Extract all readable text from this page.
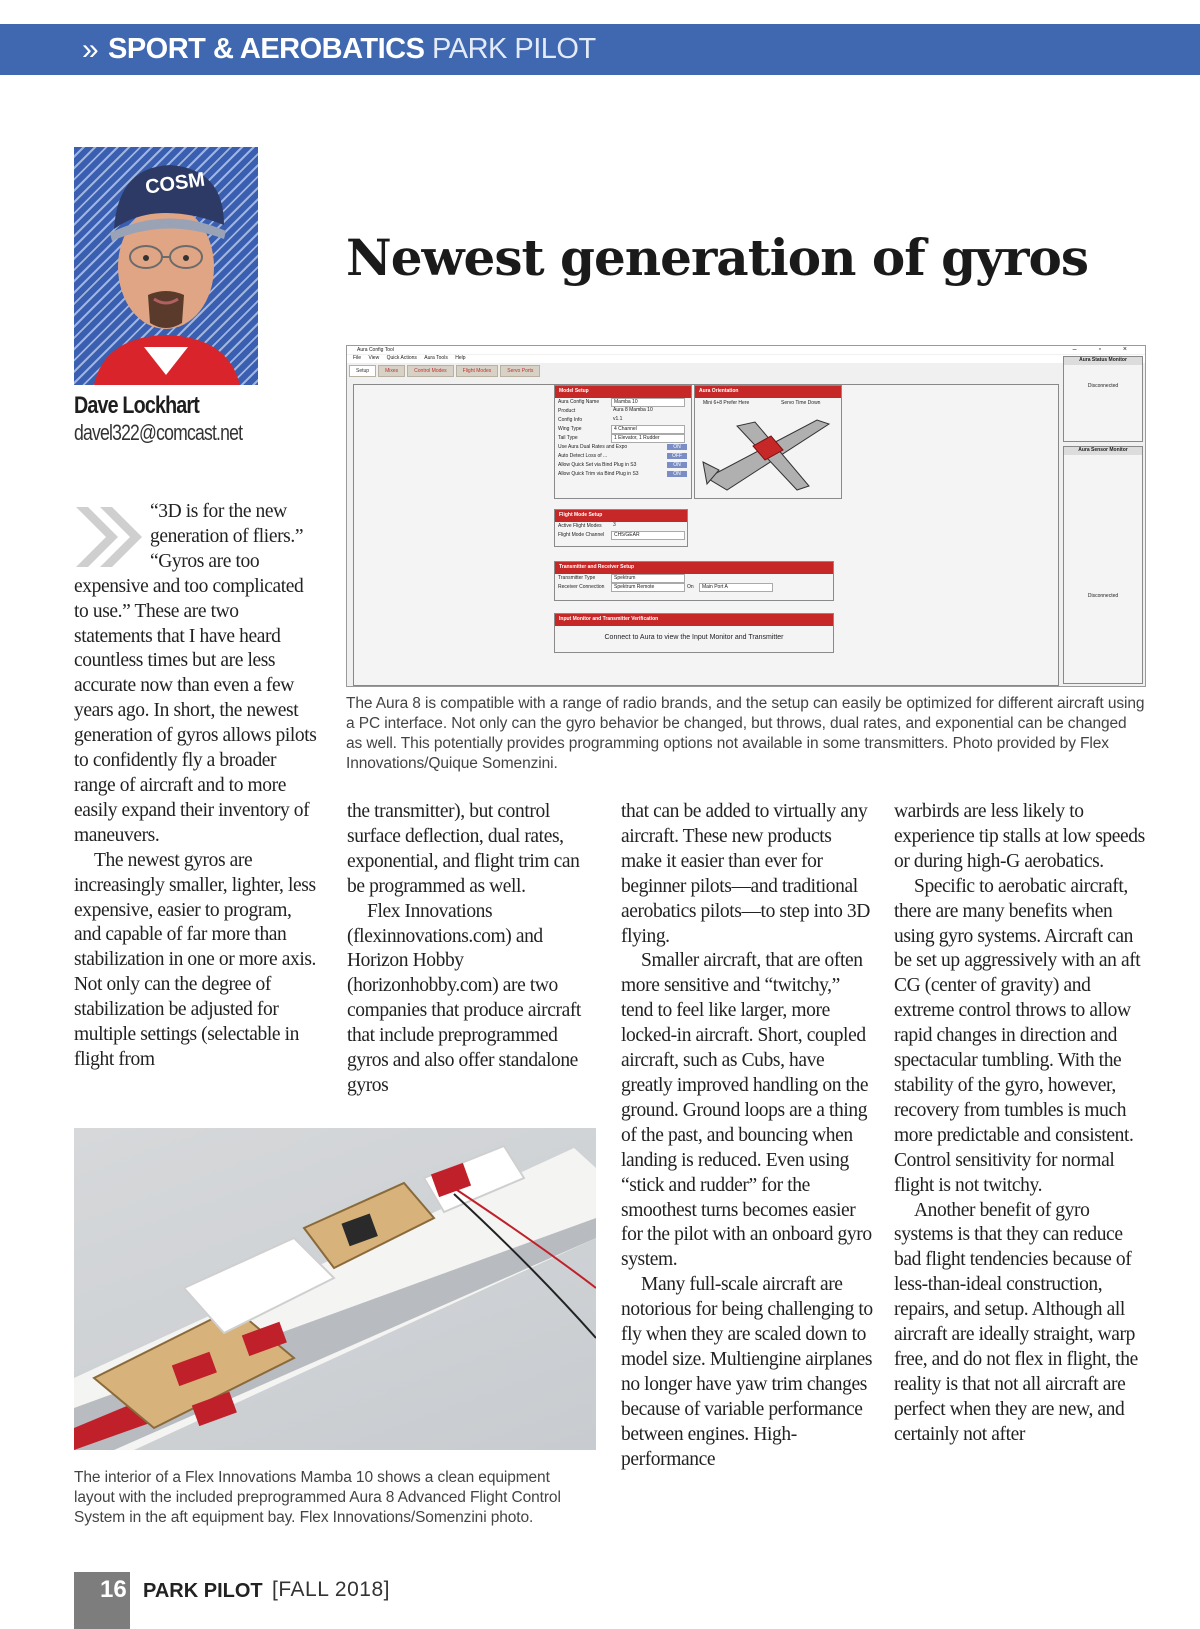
» SPORT & AEROBATICS PARK PILOT
COSM
Dave Lockhart
davel322@comcast.net
Newest generation of gyros
Aura Config Tool	– ▫ ×
File View Quick Actions Aura Tools Help
Setup	Mixes	Control Modes	Flight Modes	Servo Ports
Model Setup
Aura Config Name	Mamba 10
Product	Aura 8 Mamba 10
Config Info	v1.1
Wing Type	4 Channel
Tail Type	1 Elevator, 1 Rudder
Use Aura Dual Rates and Expo	ON
Auto Detect Loss of ...	OFF
Allow Quick Set via Bind Plug in S3	ON
Allow Quick Trim via Bind Plug in S3	ON
Aura Orientation
Mini 6+8 Prefer Here	Servo Time Down
Flight Mode Setup
Active Flight Modes	3
Flight Mode Channel	CH5/GEAR
Transmitter and Receiver Setup
Transmitter Type	Spektrum
Receiver Connection	Spektrum Remote	On	Main Port A
Input Monitor and Transmitter Verification
Connect to Aura to view the Input Monitor and Transmitter
Aura Status Monitor
Disconnected
Aura Sensor Monitor
Disconnected
The Aura 8 is compatible with a range of radio brands, and the setup can easily be optimized for different aircraft using a PC interface. Not only can the gyro behavior be changed, but throws, dual rates, and exponential can be changed as well. This potentially provides programming options not available in some transmitters. Photo provided by Flex Innovations/Quique Somenzini.

“3D is for the new generation of fliers.” “Gyros are too expensive and too complicated to use.” These are two statements that I have heard countless times but are less accurate now than even a few years ago. In short, the newest generation of gyros allows pilots to confidently fly a broader range of aircraft and to more easily expand their inventory of maneuvers.

The newest gyros are increasingly smaller, lighter, less expensive, easier to program, and capable of far more than stabilization in one or more axis. Not only can the degree of stabilization be adjusted for multiple settings (selectable in flight from

the transmitter), but control surface deflection, dual rates, exponential, and flight trim can be programmed as well.

Flex Innovations (flexinnovations.com) and Horizon Hobby (horizonhobby.com) are two companies that produce aircraft that include preprogrammed gyros and also offer standalone gyros

that can be added to virtually any aircraft. These new products make it easier than ever for beginner pilots—and traditional aerobatics pilots—to step into 3D flying.

Smaller aircraft, that are often more sensitive and “twitchy,” tend to feel like larger, more locked-in aircraft. Short, coupled aircraft, such as Cubs, have greatly improved handling on the ground. Ground loops are a thing of the past, and bouncing when landing is reduced. Even using “stick and rudder” for the smoothest turns becomes easier for the pilot with an onboard gyro system.

Many full-scale aircraft are notorious for being challenging to fly when they are scaled down to model size. Multiengine airplanes no longer have yaw trim changes because of variable performance between engines. High-performance

warbirds are less likely to experience tip stalls at low speeds or during high-G aerobatics.

Specific to aerobatic aircraft, there are many benefits when using gyro systems. Aircraft can be set up aggressively with an aft CG (center of gravity) and extreme control throws to allow rapid changes in direction and spectacular tumbling. With the stability of the gyro, however, recovery from tumbles is much more predictable and consistent. Control sensitivity for normal flight is not twitchy.

Another benefit of gyro systems is that they can reduce bad flight tendencies because of less-than-ideal construction, repairs, and setup. Although all aircraft are ideally straight, warp free, and do not flex in flight, the reality is that not all aircraft are perfect when they are new, and certainly not after

The interior of a Flex Innovations Mamba 10 shows a clean equipment layout with the included preprogrammed Aura 8 Advanced Flight Control System in the aft equipment bay. Flex Innovations/Somenzini photo.
16 PARK PILOT [FALL 2018]
